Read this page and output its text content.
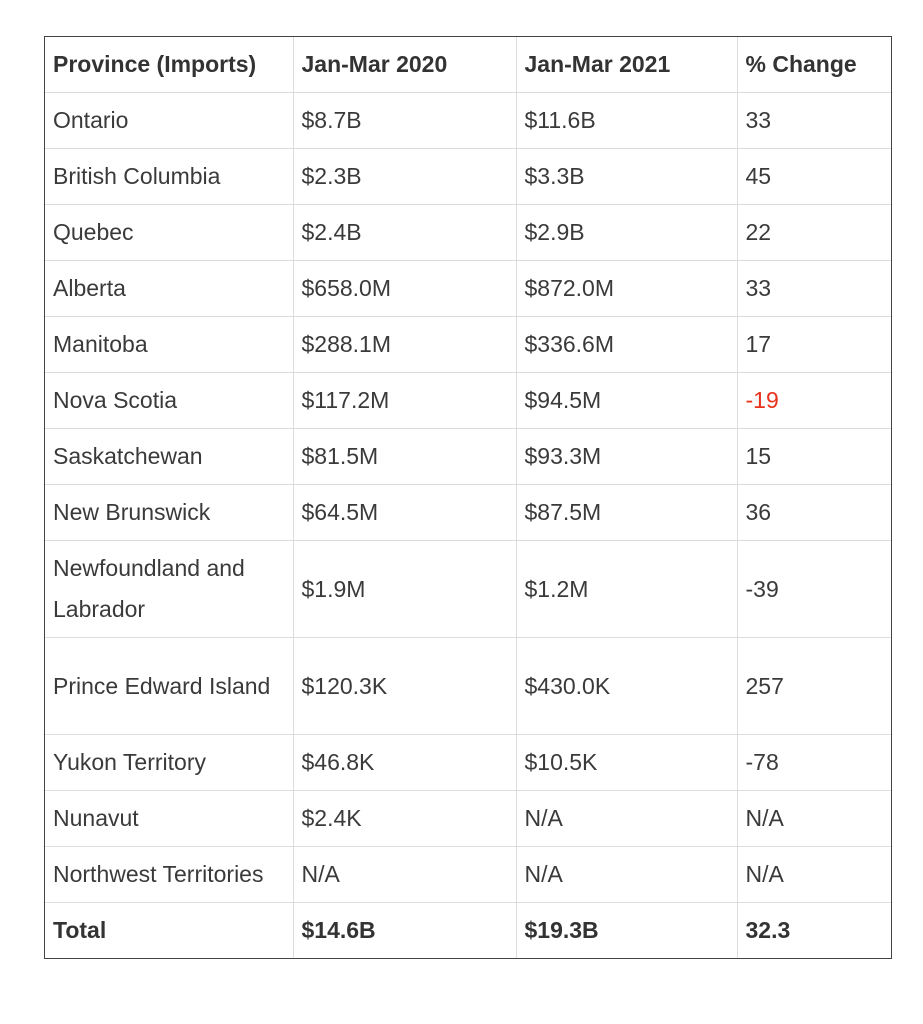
Province (Imports)	Jan-Mar 2020	Jan-Mar 2021	% Change
Ontario	$8.7B	$11.6B	33
British Columbia	$2.3B	$3.3B	45
Quebec	$2.4B	$2.9B	22
Alberta	$658.0M	$872.0M	33
Manitoba	$288.1M	$336.6M	17
Nova Scotia	$117.2M	$94.5M	-19
Saskatchewan	$81.5M	$93.3M	15
New Brunswick	$64.5M	$87.5M	36
Newfoundland and Labrador	$1.9M	$1.2M	-39
Prince Edward Island	$120.3K	$430.0K	257
Yukon Territory	$46.8K	$10.5K	-78
Nunavut	$2.4K	N/A	N/A
Northwest Territories	N/A	N/A	N/A
Total	$14.6B	$19.3B	32.3
